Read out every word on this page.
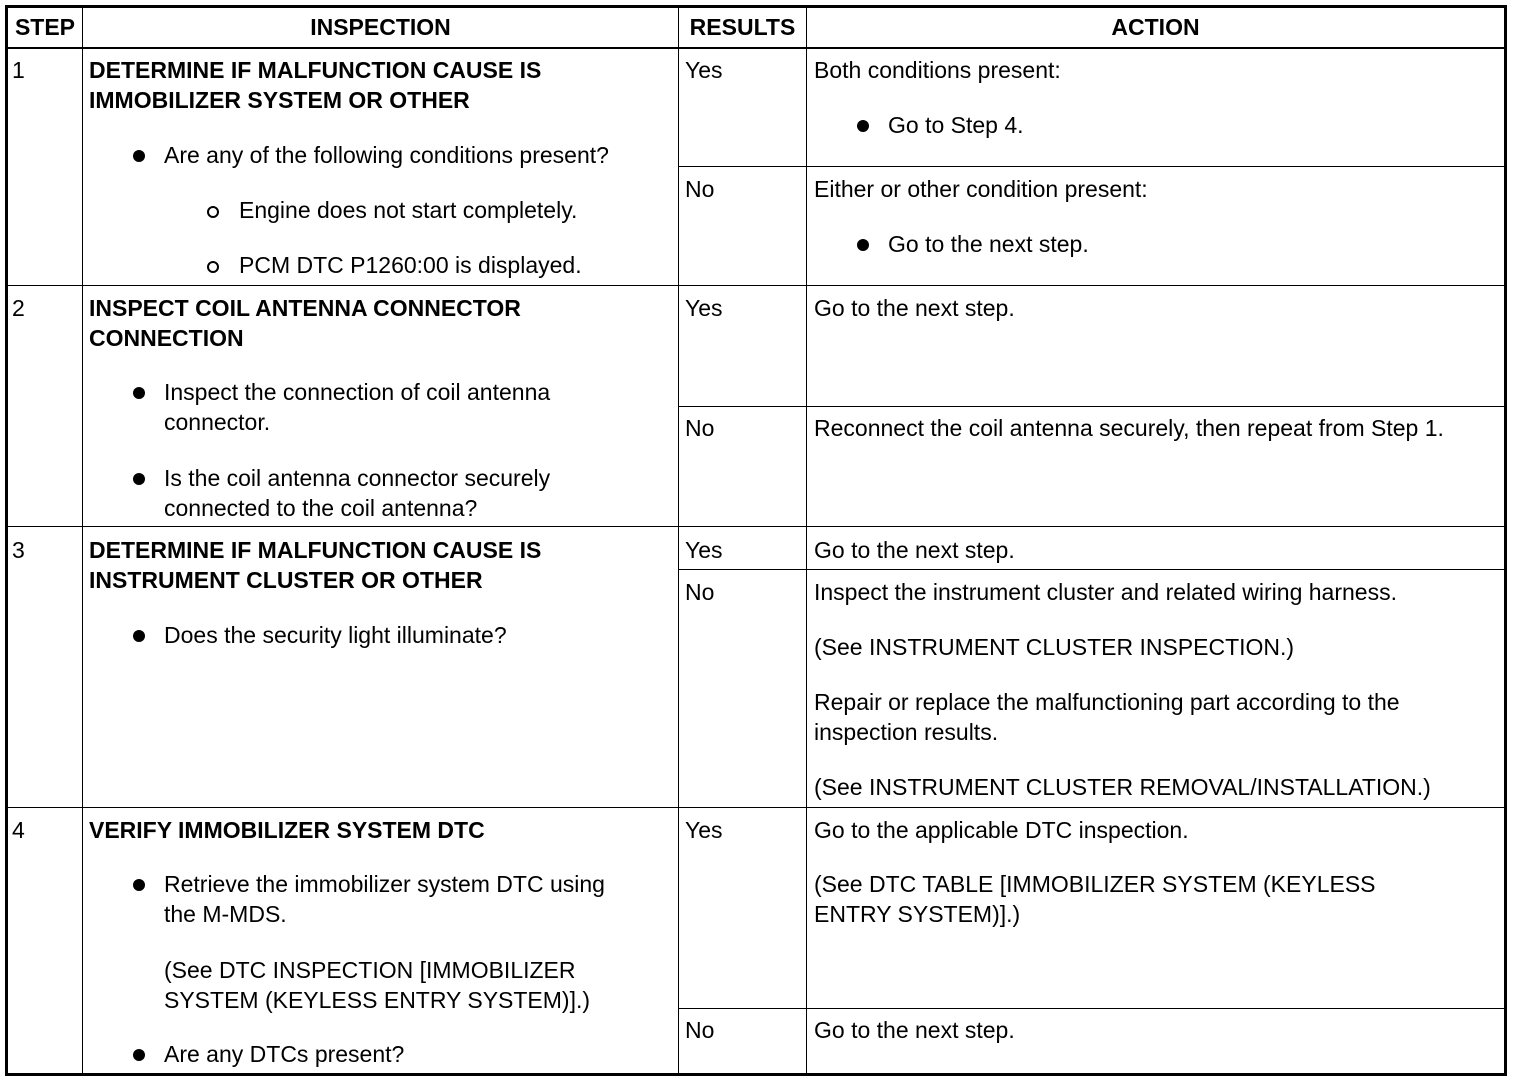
STEP	INSPECTION	RESULTS	ACTION
1	DETERMINE IF MALFUNCTION CAUSE IS
IMMOBILIZER SYSTEM OR OTHER
Are any of the following conditions present?
Engine does not start completely.
PCM DTC P1260:00 is displayed.
Yes	Both conditions present:
Go to Step 4.
No	Either or other condition present:
Go to the next step.
2	INSPECT COIL ANTENNA CONNECTOR
CONNECTION
Inspect the connection of coil antenna
connector.
Is the coil antenna connector securely
connected to the coil antenna?
Yes	Go to the next step.
No	Reconnect the coil antenna securely, then repeat from Step 1.
3	DETERMINE IF MALFUNCTION CAUSE IS
INSTRUMENT CLUSTER OR OTHER
Does the security light illuminate?
Yes	Go to the next step.
No	Inspect the instrument cluster and related wiring harness.
(See INSTRUMENT CLUSTER INSPECTION.)
Repair or replace the malfunctioning part according to the
inspection results.
(See INSTRUMENT CLUSTER REMOVAL/INSTALLATION.)
4	VERIFY IMMOBILIZER SYSTEM DTC
Retrieve the immobilizer system DTC using
the M-MDS.
(See DTC INSPECTION [IMMOBILIZER
SYSTEM (KEYLESS ENTRY SYSTEM)].)
Are any DTCs present?
Yes	Go to the applicable DTC inspection.
(See DTC TABLE [IMMOBILIZER SYSTEM (KEYLESS
ENTRY SYSTEM)].)
No	Go to the next step.
